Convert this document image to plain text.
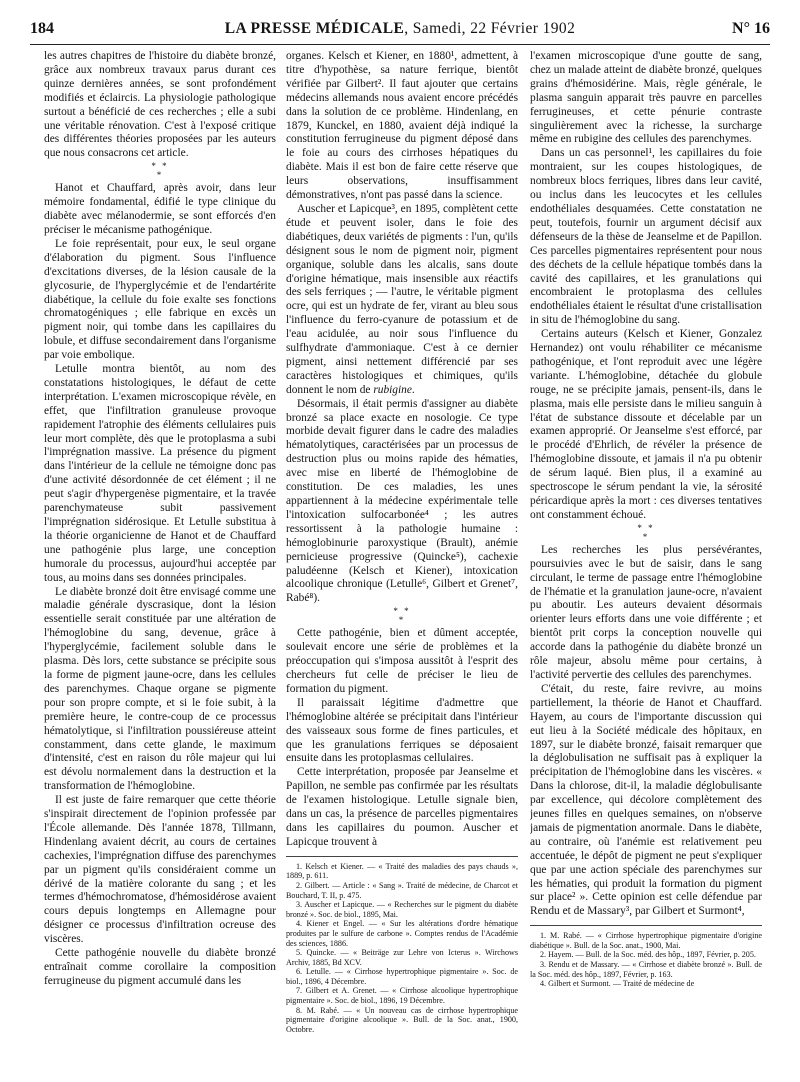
184	LA PRESSE MÉDICALE, Samedi, 22 Février 1902	N° 16

les autres chapitres de l'histoire du diabète bronzé, grâce aux nombreux travaux parus durant ces quinze dernières années, se sont profondément modifiés et éclaircis. La physiologie pathologique surtout a bénéficié de ces recherches ; elle a subi une véritable rénovation. C'est à l'exposé critique des différentes théories proposées par les auteurs que nous consacrons cet article.

* *
*

Hanot et Chauffard, après avoir, dans leur mémoire fondamental, édifié le type clinique du diabète avec mélanodermie, se sont efforcés d'en préciser le mécanisme pathogénique.

Le foie représentait, pour eux, le seul organe d'élaboration du pigment. Sous l'influence d'excitations diverses, de la lésion causale de la glycosurie, de l'hyperglycémie et de l'endartérite diabétique, la cellule du foie exalte ses fonctions chromatogéniques ; elle fabrique en excès un pigment noir, qui tombe dans les capillaires du lobule, et diffuse secondairement dans l'organisme par voie embolique.

Letulle montra bientôt, au nom des constatations histologiques, le défaut de cette interprétation. L'examen microscopique révèle, en effet, que l'infiltration granuleuse provoque rapidement l'atrophie des éléments cellulaires puis leur mort complète, dès que le protoplasma a subi l'imprégnation massive. La présence du pigment dans l'intérieur de la cellule ne témoigne donc pas d'une activité désordonnée de cet élément ; il ne peut s'agir d'hypergenèse pigmentaire, et la travée parenchymateuse subit passivement l'imprégnation sidérosique. Et Letulle substitua à la théorie organicienne de Hanot et de Chauffard une pathogénie plus large, une conception humorale du processus, aujourd'hui acceptée par tous, au moins dans ses données principales.

Le diabète bronzé doit être envisagé comme une maladie générale dyscrasique, dont la lésion essentielle serait constituée par une altération de l'hémoglobine du sang, devenue, grâce à l'hyperglycémie, facilement soluble dans le plasma. Dès lors, cette substance se précipite sous la forme de pigment jaune-ocre, dans les cellules des parenchymes. Chaque organe se pigmente pour son propre compte, et si le foie subit, à la première heure, le contre-coup de ce processus hématolytique, si l'infiltration poussiéreuse atteint constamment, dans cette glande, le maximum d'intensité, c'est en raison du rôle majeur qui lui est dévolu normalement dans la destruction et la transformation de l'hémoglobine.

Il est juste de faire remarquer que cette théorie s'inspirait directement de l'opinion professée par l'École allemande. Dès l'année 1878, Tillmann, Hindenlang avaient décrit, au cours de certaines cachexies, l'imprégnation diffuse des parenchymes par un pigment qu'ils considéraient comme un dérivé de la matière colorante du sang ; et les termes d'hémochromatose, d'hémosidérose avaient cours depuis longtemps en Allemagne pour désigner ce processus d'infiltration ocreuse des viscères.

Cette pathogénie nouvelle du diabète bronzé entraînait comme corollaire la composition ferrugineuse du pigment accumulé dans les

organes. Kelsch et Kiener, en 1880¹, admettent, à titre d'hypothèse, sa nature ferrique, bientôt vérifiée par Gilbert². Il faut ajouter que certains médecins allemands nous avaient encore précédés dans la solution de ce problème. Hindenlang, en 1879, Kunckel, en 1880, avaient déjà indiqué la constitution ferrugineuse du pigment déposé dans le foie au cours des cirrhoses hépatiques du diabète. Mais il est bon de faire cette réserve que leurs observations, insuffisamment démonstratives, n'ont pas passé dans la science.

Auscher et Lapicque³, en 1895, complètent cette étude et peuvent isoler, dans le foie des diabétiques, deux variétés de pigments : l'un, qu'ils désignent sous le nom de pigment noir, pigment organique, soluble dans les alcalis, sans doute d'origine hématique, mais insensible aux réactifs des sels ferriques ; — l'autre, le véritable pigment ocre, qui est un hydrate de fer, virant au bleu sous l'influence du ferro-cyanure de potassium et de l'eau acidulée, au noir sous l'influence du sulfhydrate d'ammoniaque. C'est à ce dernier pigment, ainsi nettement différencié par ses caractères histologiques et chimiques, qu'ils donnent le nom de rubigine.

Désormais, il était permis d'assigner au diabète bronzé sa place exacte en nosologie. Ce type morbide devait figurer dans le cadre des maladies hématolytiques, caractérisées par un processus de destruction plus ou moins rapide des hématies, avec mise en liberté de l'hémoglobine de constitution. De ces maladies, les unes appartiennent à la médecine expérimentale telle l'intoxication sulfocarbonée⁴ ; les autres ressortissent à la pathologie humaine : hémoglobinurie paroxystique (Brault), anémie pernicieuse progressive (Quincke⁵), cachexie paludéenne (Kelsch et Kiener), intoxication alcoolique chronique (Letulle⁶, Gilbert et Grenet⁷, Rabé⁸).

* *
*

Cette pathogénie, bien et dûment acceptée, soulevait encore une série de problèmes et la préoccupation qui s'imposa aussitôt à l'esprit des chercheurs fut celle de préciser le lieu de formation du pigment.

Il paraissait légitime d'admettre que l'hémoglobine altérée se précipitait dans l'intérieur des vaisseaux sous forme de fines particules, et que les granulations ferriques se déposaient ensuite dans les protoplasmas cellulaires.

Cette interprétation, proposée par Jeanselme et Papillon, ne semble pas confirmée par les résultats de l'examen histologique. Letulle signale bien, dans un cas, la présence de parcelles pigmentaires dans les capillaires du poumon. Auscher et Lapicque trouvent à

1. Kelsch et Kiener. — « Traité des maladies des pays chauds », 1889, p. 611.

2. Gilbert. — Article : « Sang ». Traité de médecine, de Charcot et Bouchard, T. II, p. 475.

3. Auscher et Lapicque. — « Recherches sur le pigment du diabète bronzé ». Soc. de biol., 1895, Mai.

4. Kiener et Engel. — « Sur les altérations d'ordre hématique produites par le sulfure de carbone ». Comptes rendus de l'Académie des sciences, 1886.

5. Quincke. — « Beiträge zur Lehre von Icterus ». Wirchows Archiv, 1885, Bd XCV.

6. Letulle. — « Cirrhose hypertrophique pigmentaire ». Soc. de biol., 1896, 4 Décembre.

7. Gilbert et A. Grenet. — « Cirrhose alcoolique hypertrophique pigmentaire ». Soc. de biol., 1896, 19 Décembre.

8. M. Rabé. — « Un nouveau cas de cirrhose hypertrophique pigmentaire d'origine alcoolique ». Bull. de la Soc. anat., 1900, Octobre.

l'examen microscopique d'une goutte de sang, chez un malade atteint de diabète bronzé, quelques grains d'hémosidérine. Mais, règle générale, le plasma sanguin apparait très pauvre en parcelles ferrugineuses, et cette pénurie contraste singulièrement avec la richesse, la surcharge même en rubigine des cellules des parenchymes.

Dans un cas personnel¹, les capillaires du foie montraient, sur les coupes histologiques, de nombreux blocs ferriques, libres dans leur cavité, ou inclus dans les leucocytes et les cellules endothéliales desquamées. Cette constatation ne peut, toutefois, fournir un argument décisif aux défenseurs de la thèse de Jeanselme et de Papillon. Ces parcelles pigmentaires représentent pour nous des déchets de la cellule hépatique tombés dans la cavité des capillaires, et les granulations qui encombraient le protoplasma des cellules endothéliales étaient le résultat d'une cristallisation in situ de l'hémoglobine du sang.

Certains auteurs (Kelsch et Kiener, Gonzalez Hernandez) ont voulu réhabiliter ce mécanisme pathogénique, et l'ont reproduit avec une légère variante. L'hémoglobine, détachée du globule rouge, ne se précipite jamais, pensent-ils, dans le plasma, mais elle persiste dans le milieu sanguin à l'état de substance dissoute et décelable par un examen approprié. Or Jeanselme s'est efforcé, par le procédé d'Ehrlich, de révéler la présence de l'hémoglobine dissoute, et jamais il n'a pu obtenir de sérum laqué. Bien plus, il a examiné au spectroscope le sérum pendant la vie, la sérosité péricardique après la mort : ces diverses tentatives ont constamment échoué.

* *
*

Les recherches les plus persévérantes, poursuivies avec le but de saisir, dans le sang circulant, le terme de passage entre l'hémoglobine de l'hématie et la granulation jaune-ocre, n'avaient pu aboutir. Les auteurs devaient désormais orienter leurs efforts dans une voie différente ; et bientôt prit corps la conception nouvelle qui accorde dans la pathogénie du diabète bronzé un rôle majeur, absolu même pour certains, à l'activité pervertie des cellules des parenchymes.

C'était, du reste, faire revivre, au moins partiellement, la théorie de Hanot et Chauffard. Hayem, au cours de l'importante discussion qui eut lieu à la Société médicale des hôpitaux, en 1897, sur le diabète bronzé, faisait remarquer que la déglobulisation ne suffisait pas à expliquer la précipitation de l'hémoglobine dans les viscères. « Dans la chlorose, dit-il, la maladie déglobulisante par excellence, qui décolore complètement des jeunes filles en quelques semaines, on n'observe jamais de pigmentation anormale. Dans le diabète, au contraire, où l'anémie est relativement peu accentuée, le dépôt de pigment ne peut s'expliquer que par une action spéciale des parenchymes sur les hématies, qui produit la formation du pigment sur place² ». Cette opinion est celle défendue par Rendu et de Massary³, par Gilbert et Surmont⁴,

1. M. Rabé. — « Cirrhose hypertrophique pigmentaire d'origine diabétique ». Bull. de la Soc. anat., 1900, Mai.

2. Hayem. — Bull. de la Soc. méd. des hôp., 1897, Février, p. 205.

3. Rendu et de Massary. — « Cirrhose et diabète bronzé ». Bull. de la Soc. méd. des hôp., 1897, Février, p. 163.

4. Gilbert et Surmont. — Traité de médecine de
